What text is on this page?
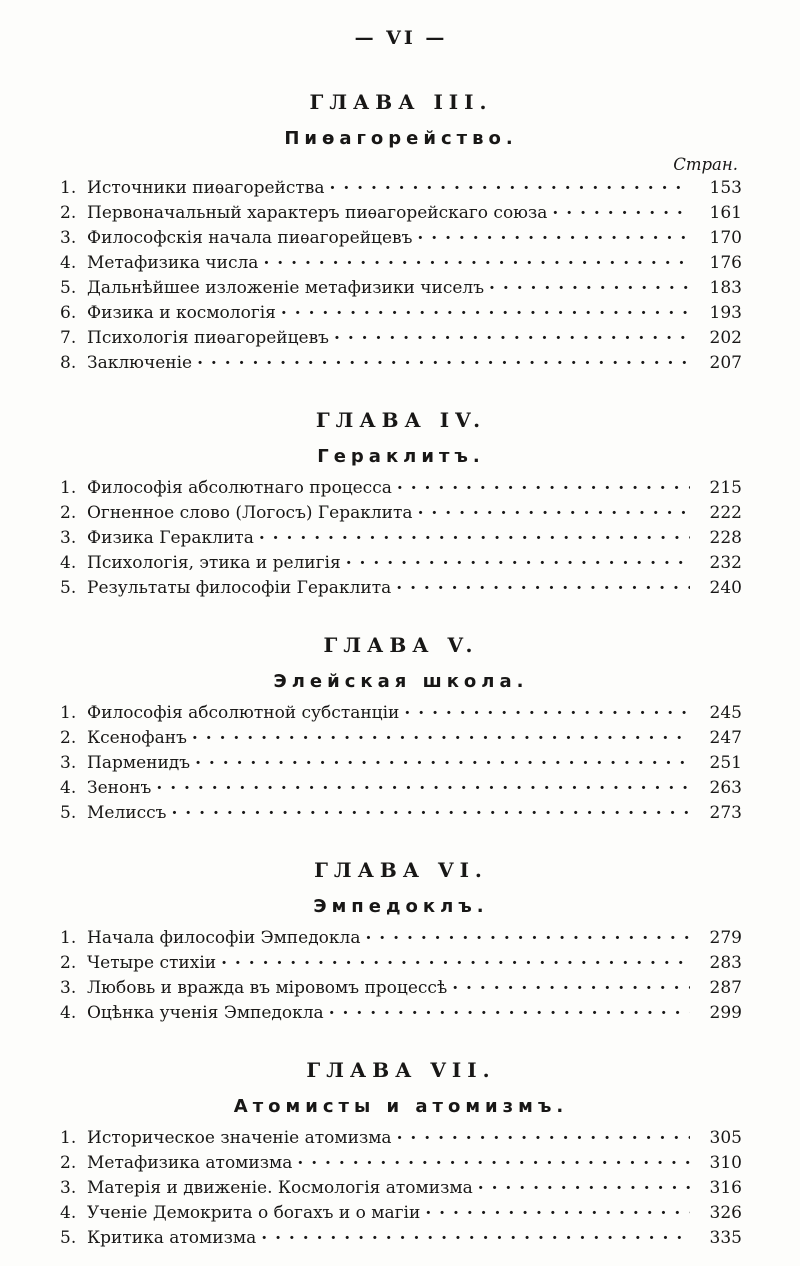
— VI —
ГЛАВА III.
Пиѳагорейство.
Стран.
1. Источники пиѳагорейства . . .	153
2. Первоначальный характеръ пиѳагорейскаго союза . . .	161
3. Философскія начала пиѳагорейцевъ . . .	170
4. Метафизика числа . . .	176
5. Дальнѣйшее изложеніе метафизики чиселъ . . .	183
6. Физика и космологія . . .	193
7. Психологія пиѳагорейцевъ . . .	202
8. Заключеніе . . .	207
ГЛАВА IV.
Гераклитъ.
1. Философія абсолютнаго процесса . . .	215
2. Огненное слово (Логосъ) Гераклита . . .	222
3. Физика Гераклита . . .	228
4. Психологія, этика и религія . . .	232
5. Результаты философіи Гераклита . . .	240
ГЛАВА V.
Элейская школа.
1. Философія абсолютной субстанціи . . .	245
2. Ксенофанъ . . .	247
3. Парменидъ . . .	251
4. Зенонъ . . .	263
5. Мелиссъ . . .	273
ГЛАВА VI.
Эмпедоклъ.
1. Начала философіи Эмпедокла . . .	279
2. Четыре стихіи . . .	283
3. Любовь и вражда въ міровомъ процессѣ . . .	287
4. Оцѣнка ученія Эмпедокла . . .	299
ГЛАВА VII.
Атомисты и атомизмъ.
1. Историческое значеніе атомизма . . .	305
2. Метафизика атомизма . . .	310
3. Матерія и движеніе. Космологія атомизма . . .	316
4. Ученіе Демокрита о богахъ и о магіи . . .	326
5. Критика атомизма . . .	335
